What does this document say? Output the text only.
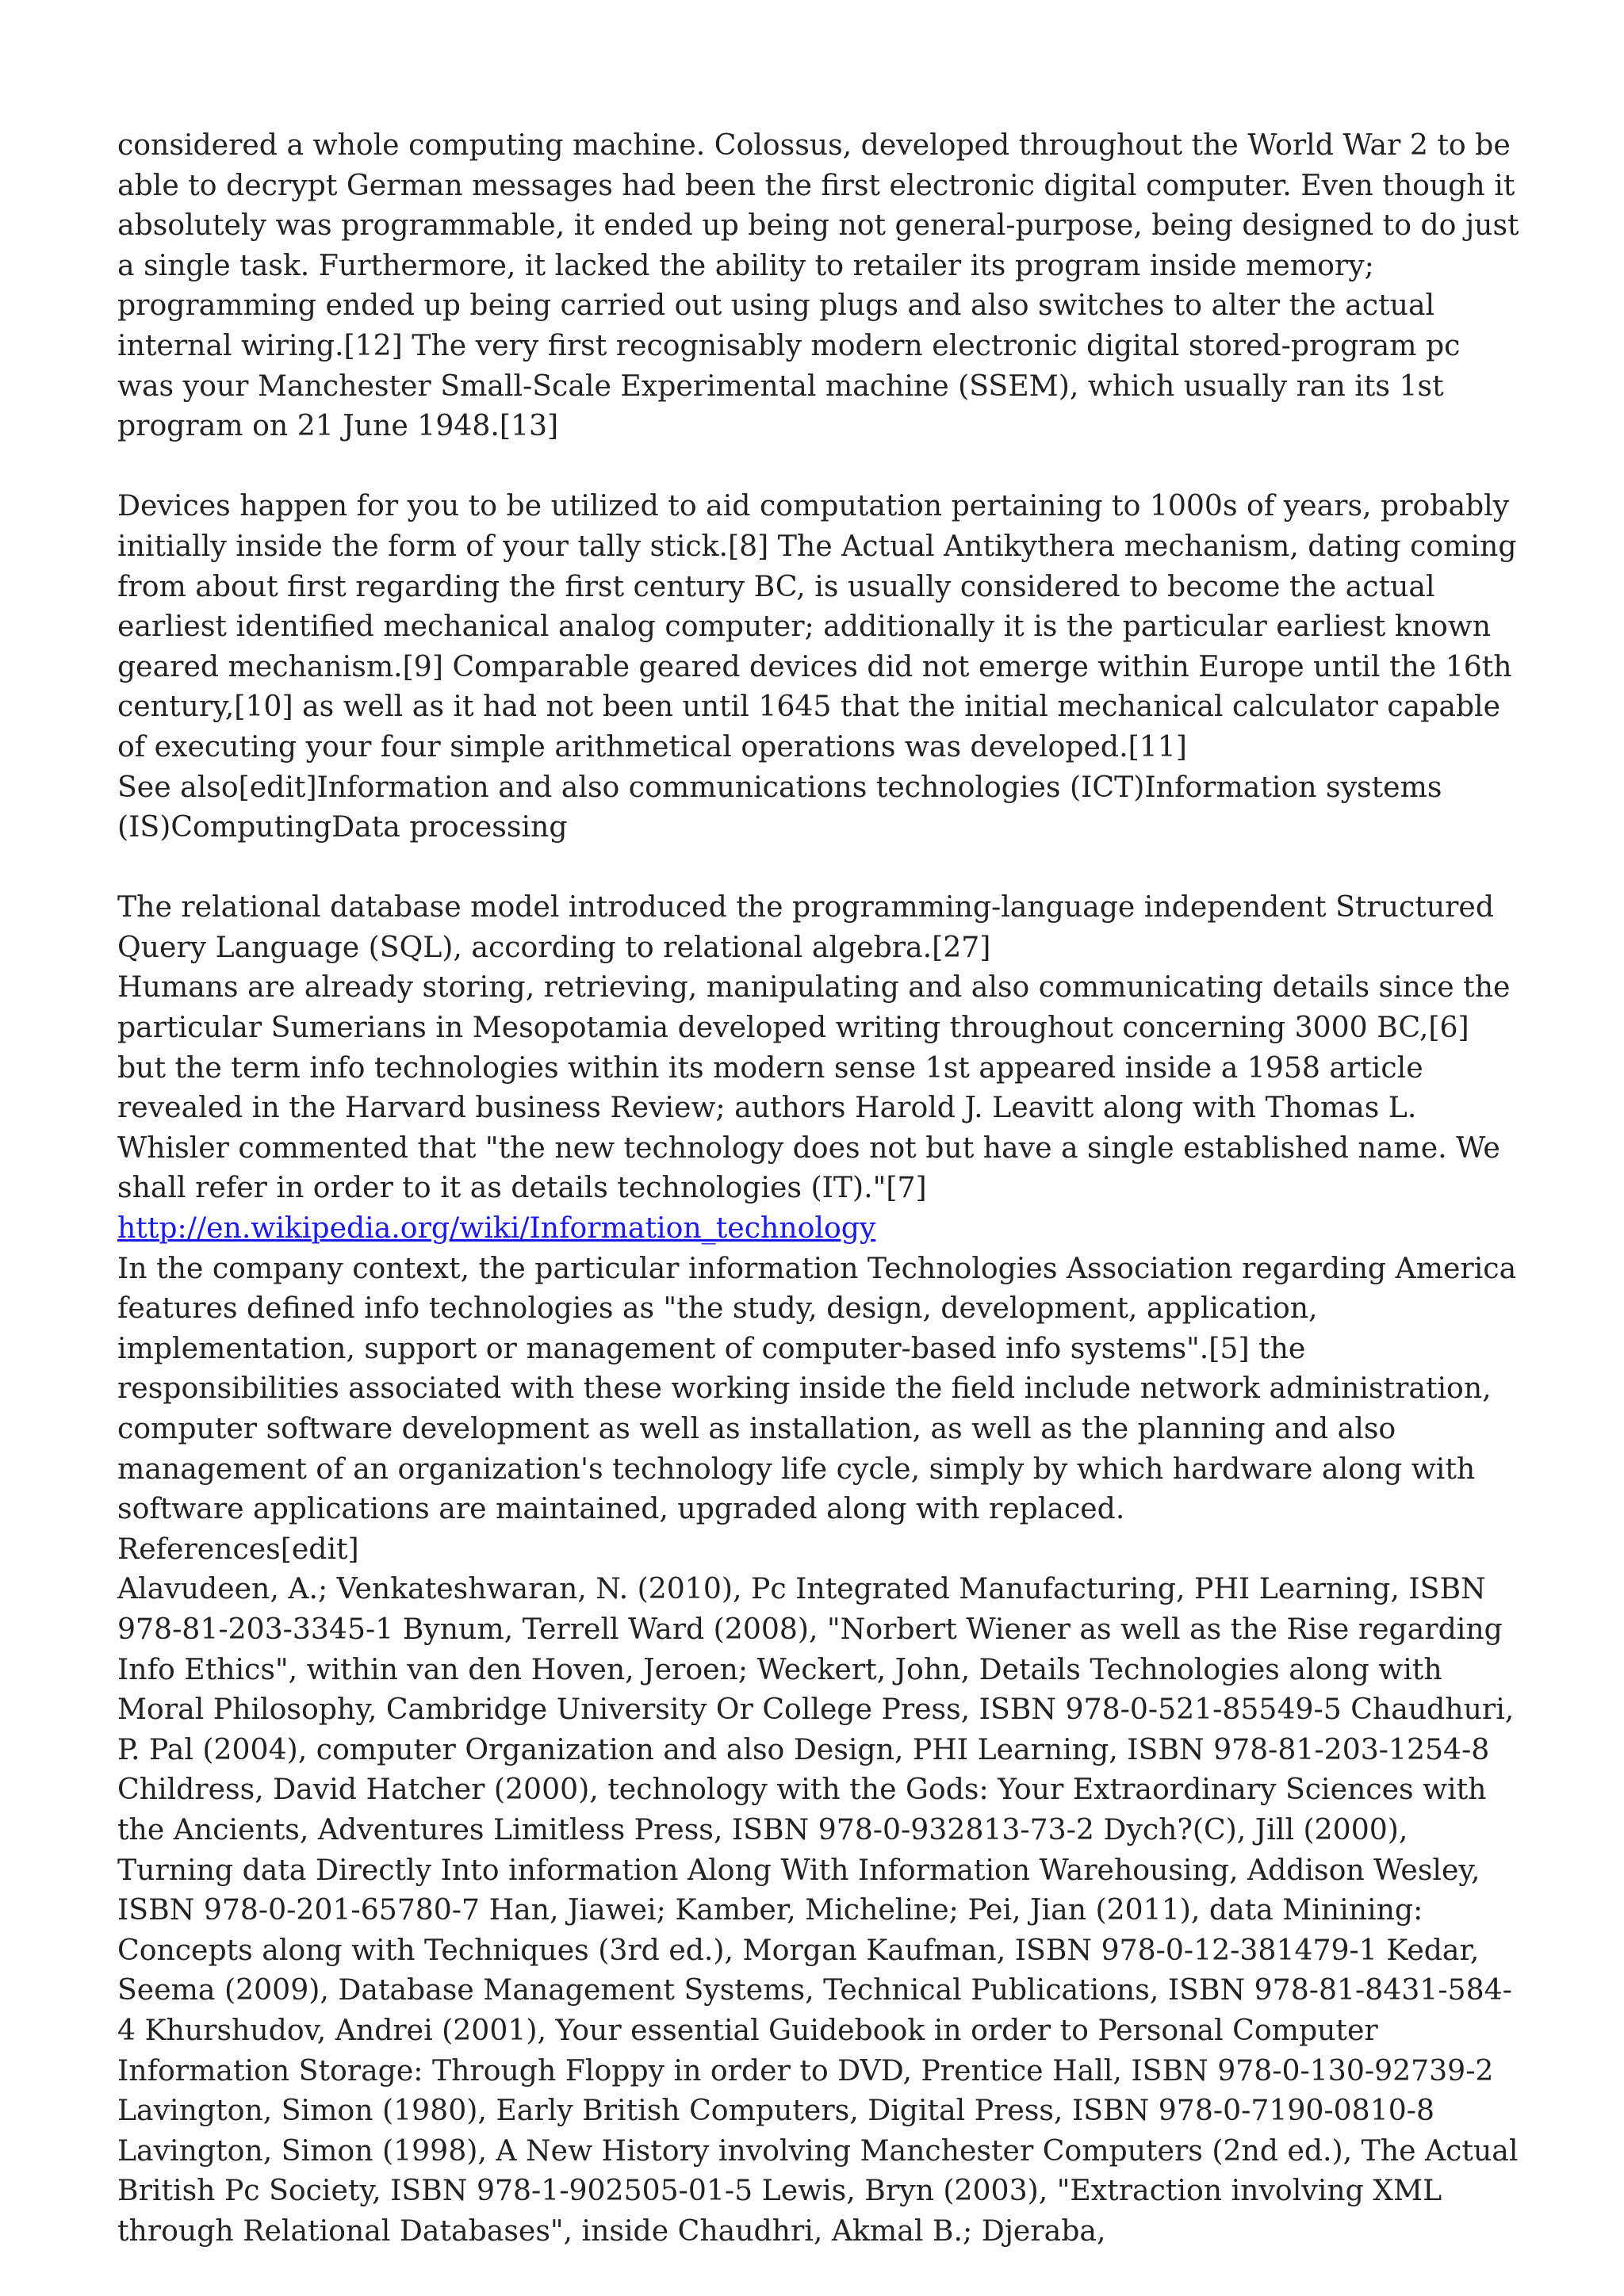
considered a whole computing machine. Colossus, developed throughout the World War 2 to be able to decrypt German messages had been the first electronic digital computer. Even though it absolutely was programmable, it ended up being not general-purpose, being designed to do just a single task. Furthermore, it lacked the ability to retailer its program inside memory; programming ended up being carried out using plugs and also switches to alter the actual internal wiring.[12] The very first recognisably modern electronic digital stored-program pc was your Manchester Small-Scale Experimental machine (SSEM), which usually ran its 1st program on 21 June 1948.[13]

Devices happen for you to be utilized to aid computation pertaining to 1000s of years, probably initially inside the form of your tally stick.[8] The Actual Antikythera mechanism, dating coming from about first regarding the first century BC, is usually considered to become the actual earliest identified mechanical analog computer; additionally it is the particular earliest known geared mechanism.[9] Comparable geared devices did not emerge within Europe until the 16th century,[10] as well as it had not been until 1645 that the initial mechanical calculator capable of executing your four simple arithmetical operations was developed.[11]

See also[edit]Information and also communications technologies (ICT)Information systems (IS)ComputingData processing

The relational database model introduced the programming-language independent Structured Query Language (SQL), according to relational algebra.[27]

Humans are already storing, retrieving, manipulating and also communicating details since the particular Sumerians in Mesopotamia developed writing throughout concerning 3000 BC,[6] but the term info technologies within its modern sense 1st appeared inside a 1958 article revealed in the Harvard business Review; authors Harold J. Leavitt along with Thomas L. Whisler commented that "the new technology does not but have a single established name. We shall refer in order to it as details technologies (IT)."[7]

http://en.wikipedia.org/wiki/Information_technology

In the company context, the particular information Technologies Association regarding America features defined info technologies as "the study, design, development, application, implementation, support or management of computer-based info systems".[5] the responsibilities associated with these working inside the field include network administration, computer software development as well as installation, as well as the planning and also management of an organization's technology life cycle, simply by which hardware along with software applications are maintained, upgraded along with replaced.

References[edit]

Alavudeen, A.; Venkateshwaran, N. (2010), Pc Integrated Manufacturing, PHI Learning, ISBN 978-81-203-3345-1 Bynum, Terrell Ward (2008), "Norbert Wiener as well as the Rise regarding Info Ethics", within van den Hoven, Jeroen; Weckert, John, Details Technologies along with Moral Philosophy, Cambridge University Or College Press, ISBN 978-0-521-85549-5 Chaudhuri, P. Pal (2004), computer Organization and also Design, PHI Learning, ISBN 978-81-203-1254-8 Childress, David Hatcher (2000), technology with the Gods: Your Extraordinary Sciences with the Ancients, Adventures Limitless Press, ISBN 978-0-932813-73-2 Dych?(C), Jill (2000), Turning data Directly Into information Along With Information Warehousing, Addison Wesley, ISBN 978-0-201-65780-7 Han, Jiawei; Kamber, Micheline; Pei, Jian (2011), data Minining: Concepts along with Techniques (3rd ed.), Morgan Kaufman, ISBN 978-0-12-381479-1 Kedar, Seema (2009), Database Management Systems, Technical Publications, ISBN 978-81-8431-584-4 Khurshudov, Andrei (2001), Your essential Guidebook in order to Personal Computer Information Storage: Through Floppy in order to DVD, Prentice Hall, ISBN 978-0-130-92739-2 Lavington, Simon (1980), Early British Computers, Digital Press, ISBN 978-0-7190-0810-8 Lavington, Simon (1998), A New History involving Manchester Computers (2nd ed.), The Actual British Pc Society, ISBN 978-1-902505-01-5 Lewis, Bryn (2003), "Extraction involving XML through Relational Databases", inside Chaudhri, Akmal B.; Djeraba,
